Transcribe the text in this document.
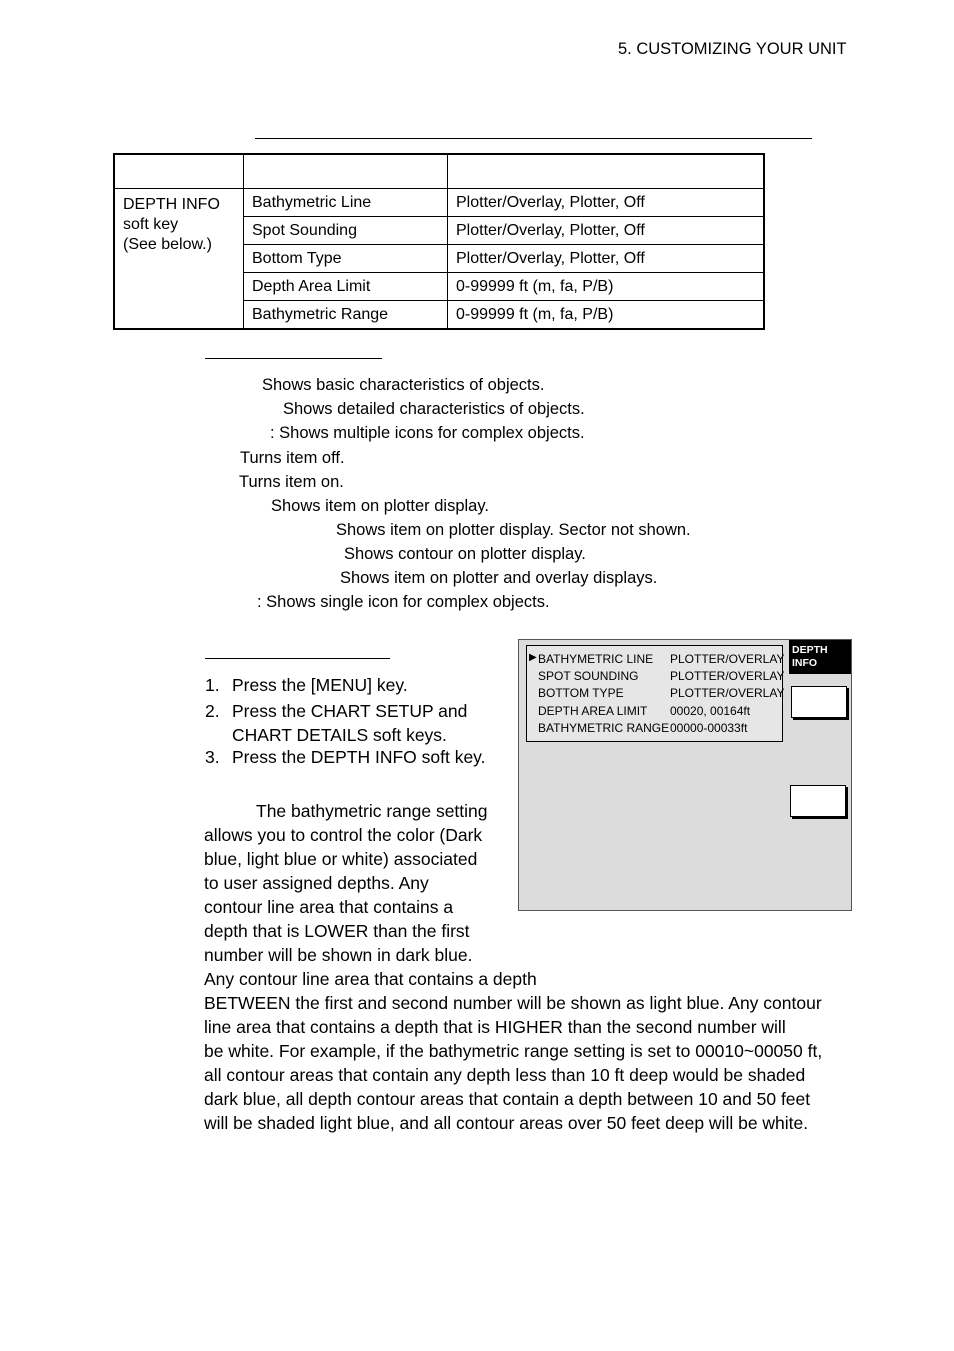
5. CUSTOMIZING YOUR UNIT

DEPTH INFO
soft key
(See below.)	Bathymetric Line	Plotter/Overlay, Plotter, Off
	Spot Sounding	Plotter/Overlay, Plotter, Off
	Bottom Type	Plotter/Overlay, Plotter, Off
	Depth Area Limit	0-99999 ft (m, fa, P/B)
	Bathymetric Range	0-99999 ft (m, fa, P/B)
Shows basic characteristics of objects.
Shows detailed characteristics of objects.
: Shows multiple icons for complex objects.
Turns item off.
Turns item on.
Shows item on plotter display.
Shows item on plotter display. Sector not shown.
Shows contour on plotter display.
Shows item on plotter and overlay displays.
: Shows single icon for complex objects.
1. Press the [MENU] key.
2. Press the CHART SETUP and
CHART DETAILS soft keys.
3. Press the DEPTH INFO soft key.
The bathymetric range setting
allows you to control the color (Dark
blue, light blue or white) associated
to user assigned depths. Any
contour line area that contains a
depth that is LOWER than the first
number will be shown in dark blue.
Any contour line area that contains a depth
BETWEEN the first and second number will be shown as light blue. Any contour
line area that contains a depth that is HIGHER than the second number will
be white. For example, if the bathymetric range setting is set to 00010~00050 ft,
all contour areas that contain any depth less than 10 ft deep would be shaded
dark blue, all depth contour areas that contain a depth between 10 and 50 feet
will be shaded light blue, and all contour areas over 50 feet deep will be white.
▶ BATHYMETRIC LINE PLOTTER/OVERLAY
SPOT SOUNDING	PLOTTER/OVERLAY
BOTTOM TYPE	PLOTTER/OVERLAY
DEPTH AREA LIMIT 00020, 00164ft
BATHYMETRIC RANGE 00000-00033ft
DEPTH
INFO
